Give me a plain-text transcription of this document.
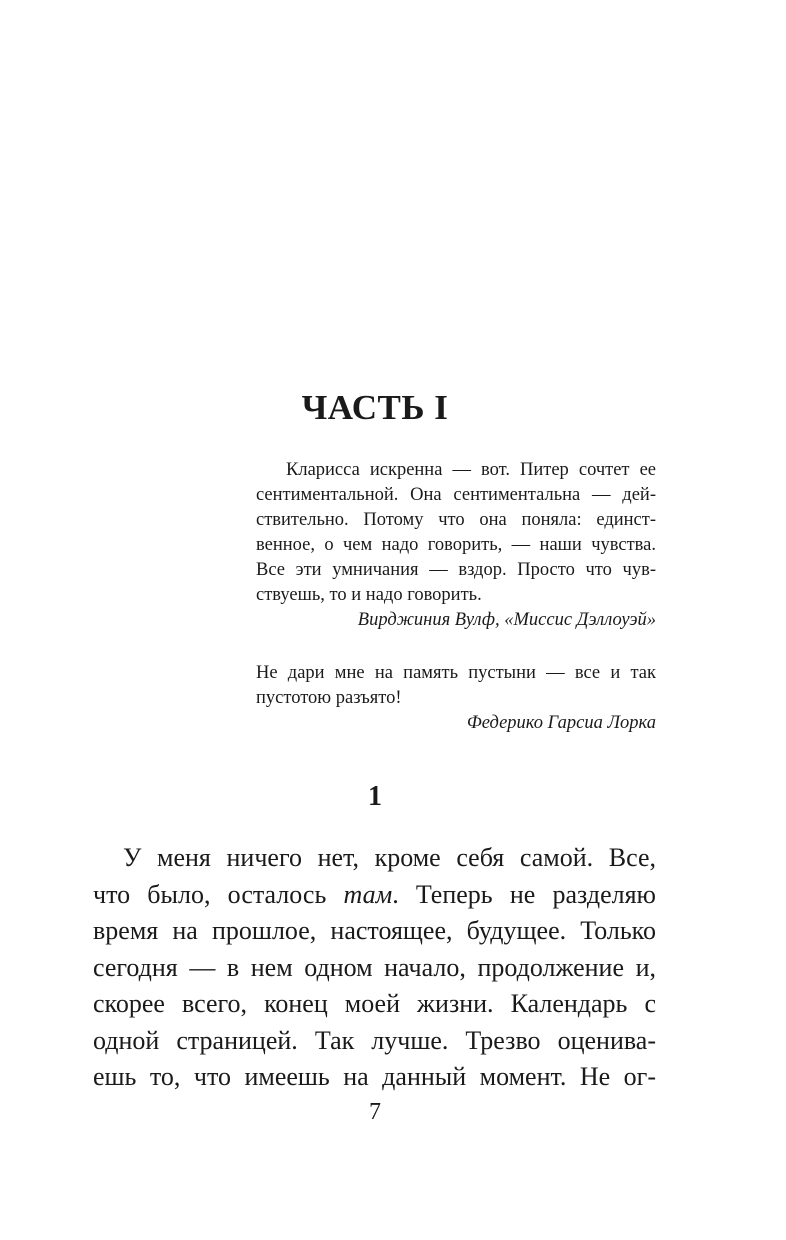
ЧАСТЬ I
Кларисса искренна — вот. Питер сочтет ее
сентиментальной. Она сентиментальна — дей-
ствительно. Потому что она поняла: единст-
венное, о чем надо говорить, — наши чувства.
Все эти умничания — вздор. Просто что чув-
ствуешь, то и надо говорить.
Вирджиния Вулф, «Миссис Дэллоуэй»
Не дари мне на память пустыни — все и так
пустотою разъято!
Федерико Гарсиа Лорка
1
У меня ничего нет, кроме себя самой. Все,
что было, осталось там. Теперь не разделяю
время на прошлое, настоящее, будущее. Только
сегодня — в нем одном начало, продолжение и,
скорее всего, конец моей жизни. Календарь с
одной страницей. Так лучше. Трезво оценива-
ешь то, что имеешь на данный момент. Не ог-
7
